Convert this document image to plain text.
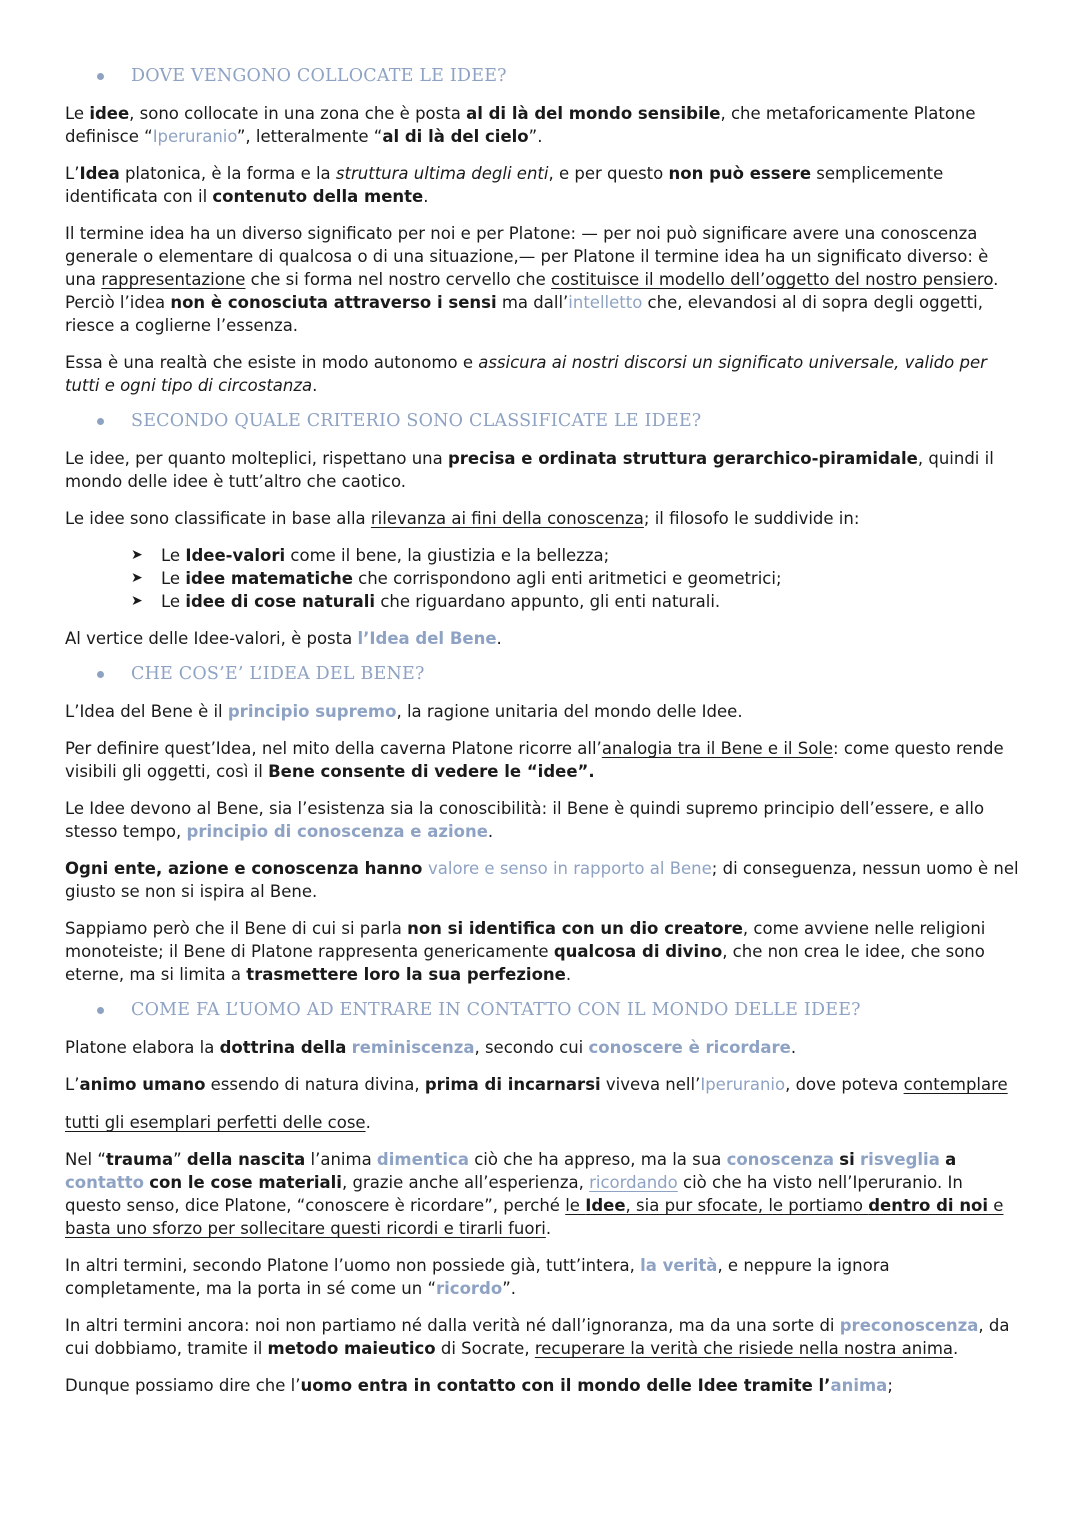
DOVE VENGONO COLLOCATE LE IDEE?

Le idee, sono collocate in una zona che è posta al di là del mondo sensibile, che metaforicamente Platone definisce “Iperuranio”, letteralmente “al di là del cielo”.

L’Idea platonica, è la forma e la struttura ultima degli enti, e per questo non può essere semplicemente identificata con il contenuto della mente.

Il termine idea ha un diverso significato per noi e per Platone: — per noi può significare avere una conoscenza generale o elementare di qualcosa o di una situazione,— per Platone il termine idea ha un significato diverso: è una rappresentazione che si forma nel nostro cervello che costituisce il modello dell’oggetto del nostro pensiero. Perciò l’idea non è conosciuta attraverso i sensi ma dall’intelletto che, elevandosi al di sopra degli oggetti, riesce a coglierne l’essenza.

Essa è una realtà che esiste in modo autonomo e assicura ai nostri discorsi un significato universale, valido per tutti e ogni tipo di circostanza.

SECONDO QUALE CRITERIO SONO CLASSIFICATE LE IDEE?

Le idee, per quanto molteplici, rispettano una precisa e ordinata struttura gerarchico-piramidale, quindi il mondo delle idee è tutt’altro che caotico.

Le idee sono classificate in base alla rilevanza ai fini della conoscenza; il filosofo le suddivide in:

➤	Le Idee-valori come il bene, la giustizia e la bellezza;
➤	Le idee matematiche che corrispondono agli enti aritmetici e geometrici;
➤	Le idee di cose naturali che riguardano appunto, gli enti naturali.

Al vertice delle Idee-valori, è posta l’Idea del Bene.

CHE COS’E’ L’IDEA DEL BENE?

L’Idea del Bene è il principio supremo, la ragione unitaria del mondo delle Idee.

Per definire quest’Idea, nel mito della caverna Platone ricorre all’analogia tra il Bene e il Sole: come questo rende visibili gli oggetti, così il Bene consente di vedere le “idee”.

Le Idee devono al Bene, sia l’esistenza sia la conoscibilità: il Bene è quindi supremo principio dell’essere, e allo stesso tempo, principio di conoscenza e azione.

Ogni ente, azione e conoscenza hanno valore e senso in rapporto al Bene; di conseguenza, nessun uomo è nel giusto se non si ispira al Bene.

Sappiamo però che il Bene di cui si parla non si identifica con un dio creatore, come avviene nelle religioni monoteiste; il Bene di Platone rappresenta genericamente qualcosa di divino, che non crea le idee, che sono eterne, ma si limita a trasmettere loro la sua perfezione.

COME FA L’UOMO AD ENTRARE IN CONTATTO CON IL MONDO DELLE IDEE?

Platone elabora la dottrina della reminiscenza, secondo cui conoscere è ricordare.

L’animo umano essendo di natura divina, prima di incarnarsi viveva nell’Iperuranio, dove poteva contemplare

tutti gli esemplari perfetti delle cose.

Nel “trauma” della nascita l’anima dimentica ciò che ha appreso, ma la sua conoscenza si risveglia a contatto con le cose materiali, grazie anche all’esperienza, ricordando ciò che ha visto nell’Iperuranio. In questo senso, dice Platone, “conoscere è ricordare”, perché le Idee, sia pur sfocate, le portiamo dentro di noi e basta uno sforzo per sollecitare questi ricordi e tirarli fuori.

In altri termini, secondo Platone l’uomo non possiede già, tutt’intera, la verità, e neppure la ignora completamente, ma la porta in sé come un “ricordo”.

In altri termini ancora: noi non partiamo né dalla verità né dall’ignoranza, ma da una sorte di preconoscenza, da cui dobbiamo, tramite il metodo maieutico di Socrate, recuperare la verità che risiede nella nostra anima.

Dunque possiamo dire che l’uomo entra in contatto con il mondo delle Idee tramite l’anima;
